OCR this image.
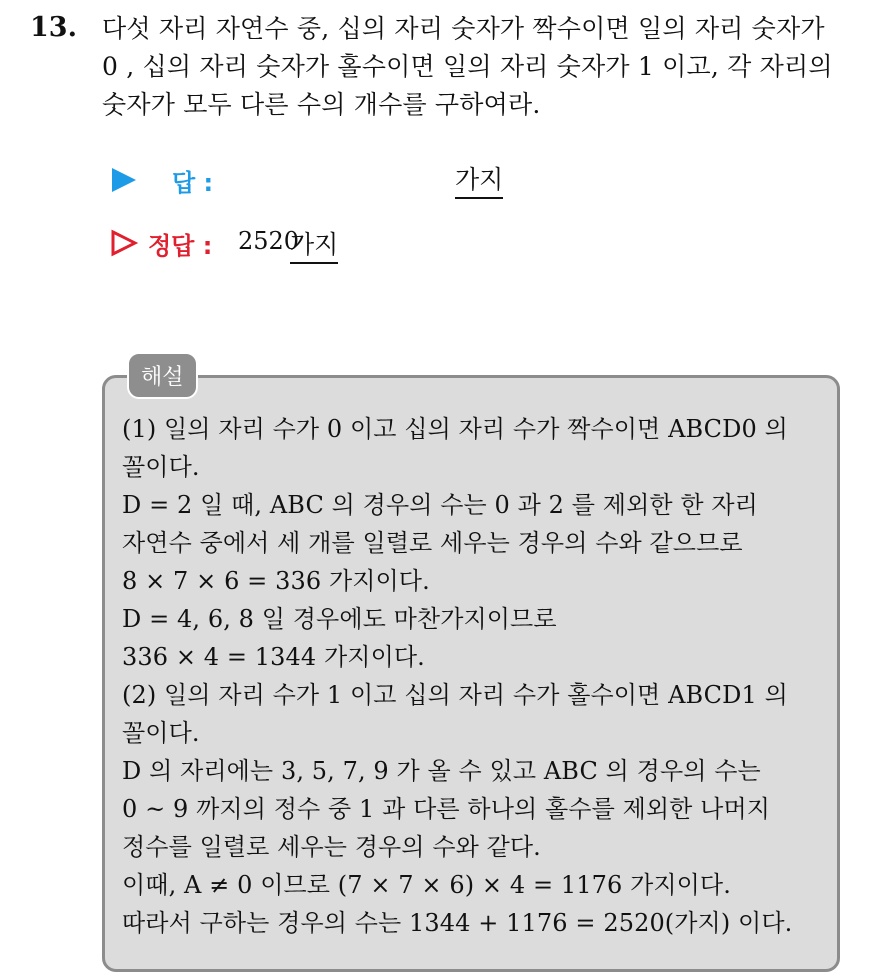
13. 다섯 자리 자연수 중, 십의 자리 숫자가 짝수이면 일의 자리 숫자가
0 , 십의 자리 숫자가 홀수이면 일의 자리 숫자가 1 이고, 각 자리의
숫자가 모두 다른 수의 개수를 구하여라.
답 :	가지
정답 : 2520
가지
해설

(1) 일의 자리 수가 0 이고 십의 자리 수가 짝수이면 ABCD0 의

꼴이다.

D = 2 일 때, ABC 의 경우의 수는 0 과 2 를 제외한 한 자리

자연수 중에서 세 개를 일렬로 세우는 경우의 수와 같으므로

8 × 7 × 6 = 336 가지이다.

D = 4, 6, 8 일 경우에도 마찬가지이므로

336 × 4 = 1344 가지이다.

(2) 일의 자리 수가 1 이고 십의 자리 수가 홀수이면 ABCD1 의

꼴이다.

D 의 자리에는 3, 5, 7, 9 가 올 수 있고 ABC 의 경우의 수는

0 ~ 9 까지의 정수 중 1 과 다른 하나의 홀수를 제외한 나머지

정수를 일렬로 세우는 경우의 수와 같다.

이때, A ≠ 0 이므로 (7 × 7 × 6) × 4 = 1176 가지이다.

따라서 구하는 경우의 수는 1344 + 1176 = 2520(가지) 이다.
